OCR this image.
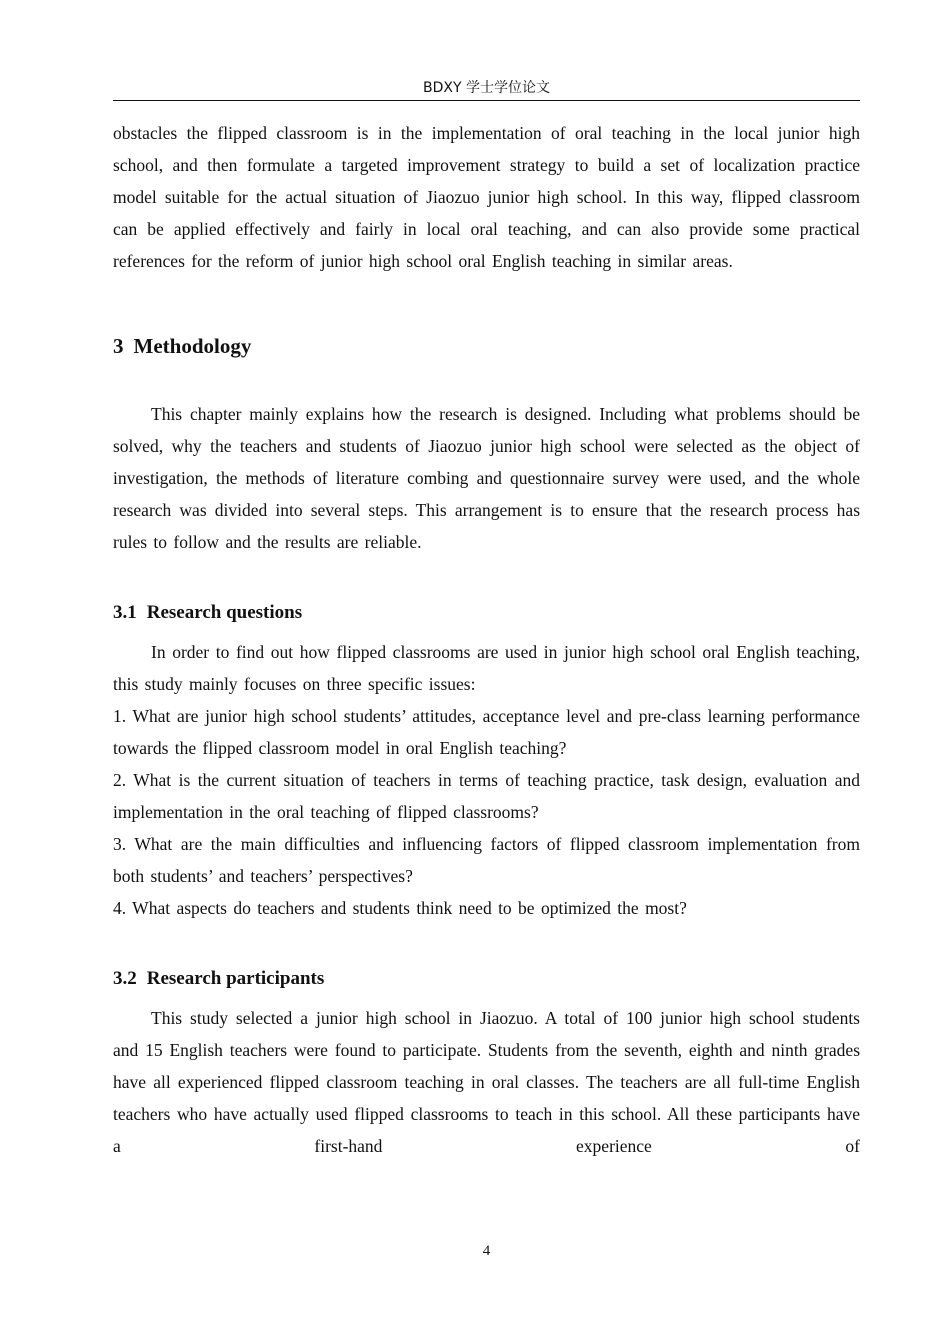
BDXY 学士学位论文

obstacles the flipped classroom is in the implementation of oral teaching in the local junior high school, and then formulate a targeted improvement strategy to build a set of localization practice model suitable for the actual situation of Jiaozuo junior high school. In this way, flipped classroom can be applied effectively and fairly in local oral teaching, and can also provide some practical references for the reform of junior high school oral English teaching in similar areas.

3 Methodology

This chapter mainly explains how the research is designed. Including what problems should be solved, why the teachers and students of Jiaozuo junior high school were selected as the object of investigation, the methods of literature combing and questionnaire survey were used, and the whole research was divided into several steps. This arrangement is to ensure that the research process has rules to follow and the results are reliable.

3.1 Research questions

In order to find out how flipped classrooms are used in junior high school oral English teaching, this study mainly focuses on three specific issues:

1. What are junior high school students’ attitudes, acceptance level and pre-class learning performance towards the flipped classroom model in oral English teaching?

2. What is the current situation of teachers in terms of teaching practice, task design, evaluation and implementation in the oral teaching of flipped classrooms?

3. What are the main difficulties and influencing factors of flipped classroom implementation from both students’ and teachers’ perspectives?

4. What aspects do teachers and students think need to be optimized the most?

3.2 Research participants

This study selected a junior high school in Jiaozuo. A total of 100 junior high school students and 15 English teachers were found to participate. Students from the seventh, eighth and ninth grades have all experienced flipped classroom teaching in oral classes. The teachers are all full-time English teachers who have actually used flipped classrooms to teach in this school. All these participants have a first-hand experience of

4
